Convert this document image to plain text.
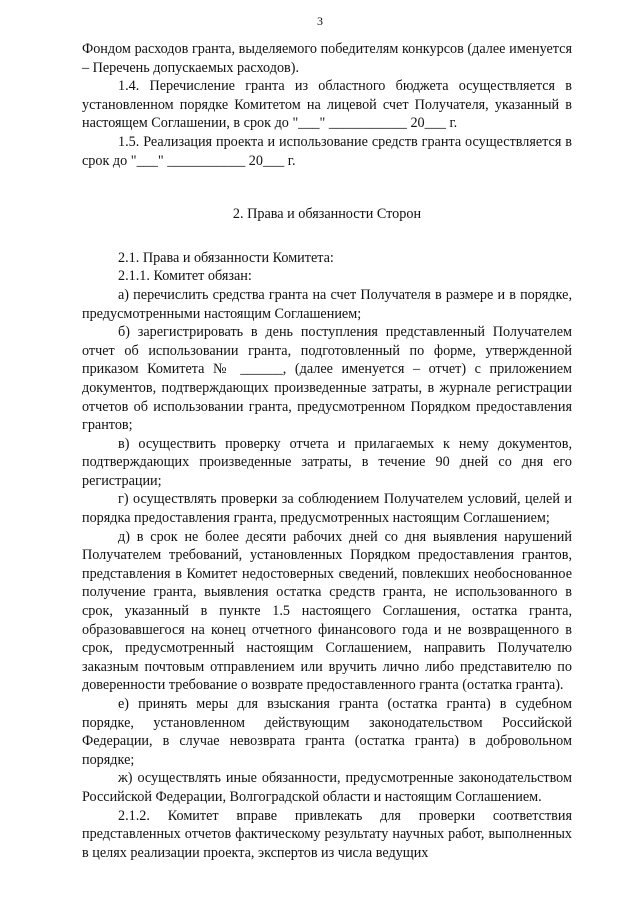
3

Фондом расходов гранта, выделяемого победителям конкурсов (далее именуется – Перечень допускаемых расходов).

1.4. Перечисление гранта из областного бюджета осуществляется в установленном порядке Комитетом на лицевой счет Получателя, указанный в настоящем Соглашении, в срок до "___" ___________ 20___ г.

1.5. Реализация проекта и использование средств гранта осуществляется в срок до "___" ___________ 20___ г.

2. Права и обязанности Сторон

2.1. Права и обязанности Комитета:

2.1.1. Комитет обязан:

а) перечислить средства гранта на счет Получателя в размере и в порядке, предусмотренными настоящим Соглашением;

б) зарегистрировать в день поступления представленный Получателем отчет об использовании гранта, подготовленный по форме, утвержденной приказом Комитета № ______, (далее именуется – отчет) с приложением документов, подтверждающих произведенные затраты, в журнале регистрации отчетов об использовании гранта, предусмотренном Порядком предоставления грантов;

в) осуществить проверку отчета и прилагаемых к нему документов, подтверждающих произведенные затраты, в течение 90 дней со дня его регистрации;

г) осуществлять проверки за соблюдением Получателем условий, целей и порядка предоставления гранта, предусмотренных настоящим Соглашением;

д) в срок не более десяти рабочих дней со дня выявления нарушений Получателем требований, установленных Порядком предоставления грантов, представления в Комитет недостоверных сведений, повлекших необоснованное получение гранта, выявления остатка средств гранта, не использованного в срок, указанный в пункте 1.5 настоящего Соглашения, остатка гранта, образовавшегося на конец отчетного финансового года и не возвращенного в срок, предусмотренный настоящим Соглашением, направить Получателю заказным почтовым отправлением или вручить лично либо представителю по доверенности требование о возврате предоставленного гранта (остатка гранта).

е) принять меры для взыскания гранта (остатка гранта) в судебном порядке, установленном действующим законодательством Российской Федерации, в случае невозврата гранта (остатка гранта) в добровольном порядке;

ж) осуществлять иные обязанности, предусмотренные законодательством Российской Федерации, Волгоградской области и настоящим Соглашением.

2.1.2. Комитет вправе привлекать для проверки соответствия представленных отчетов фактическому результату научных работ, выполненных в целях реализации проекта, экспертов из числа ведущих
